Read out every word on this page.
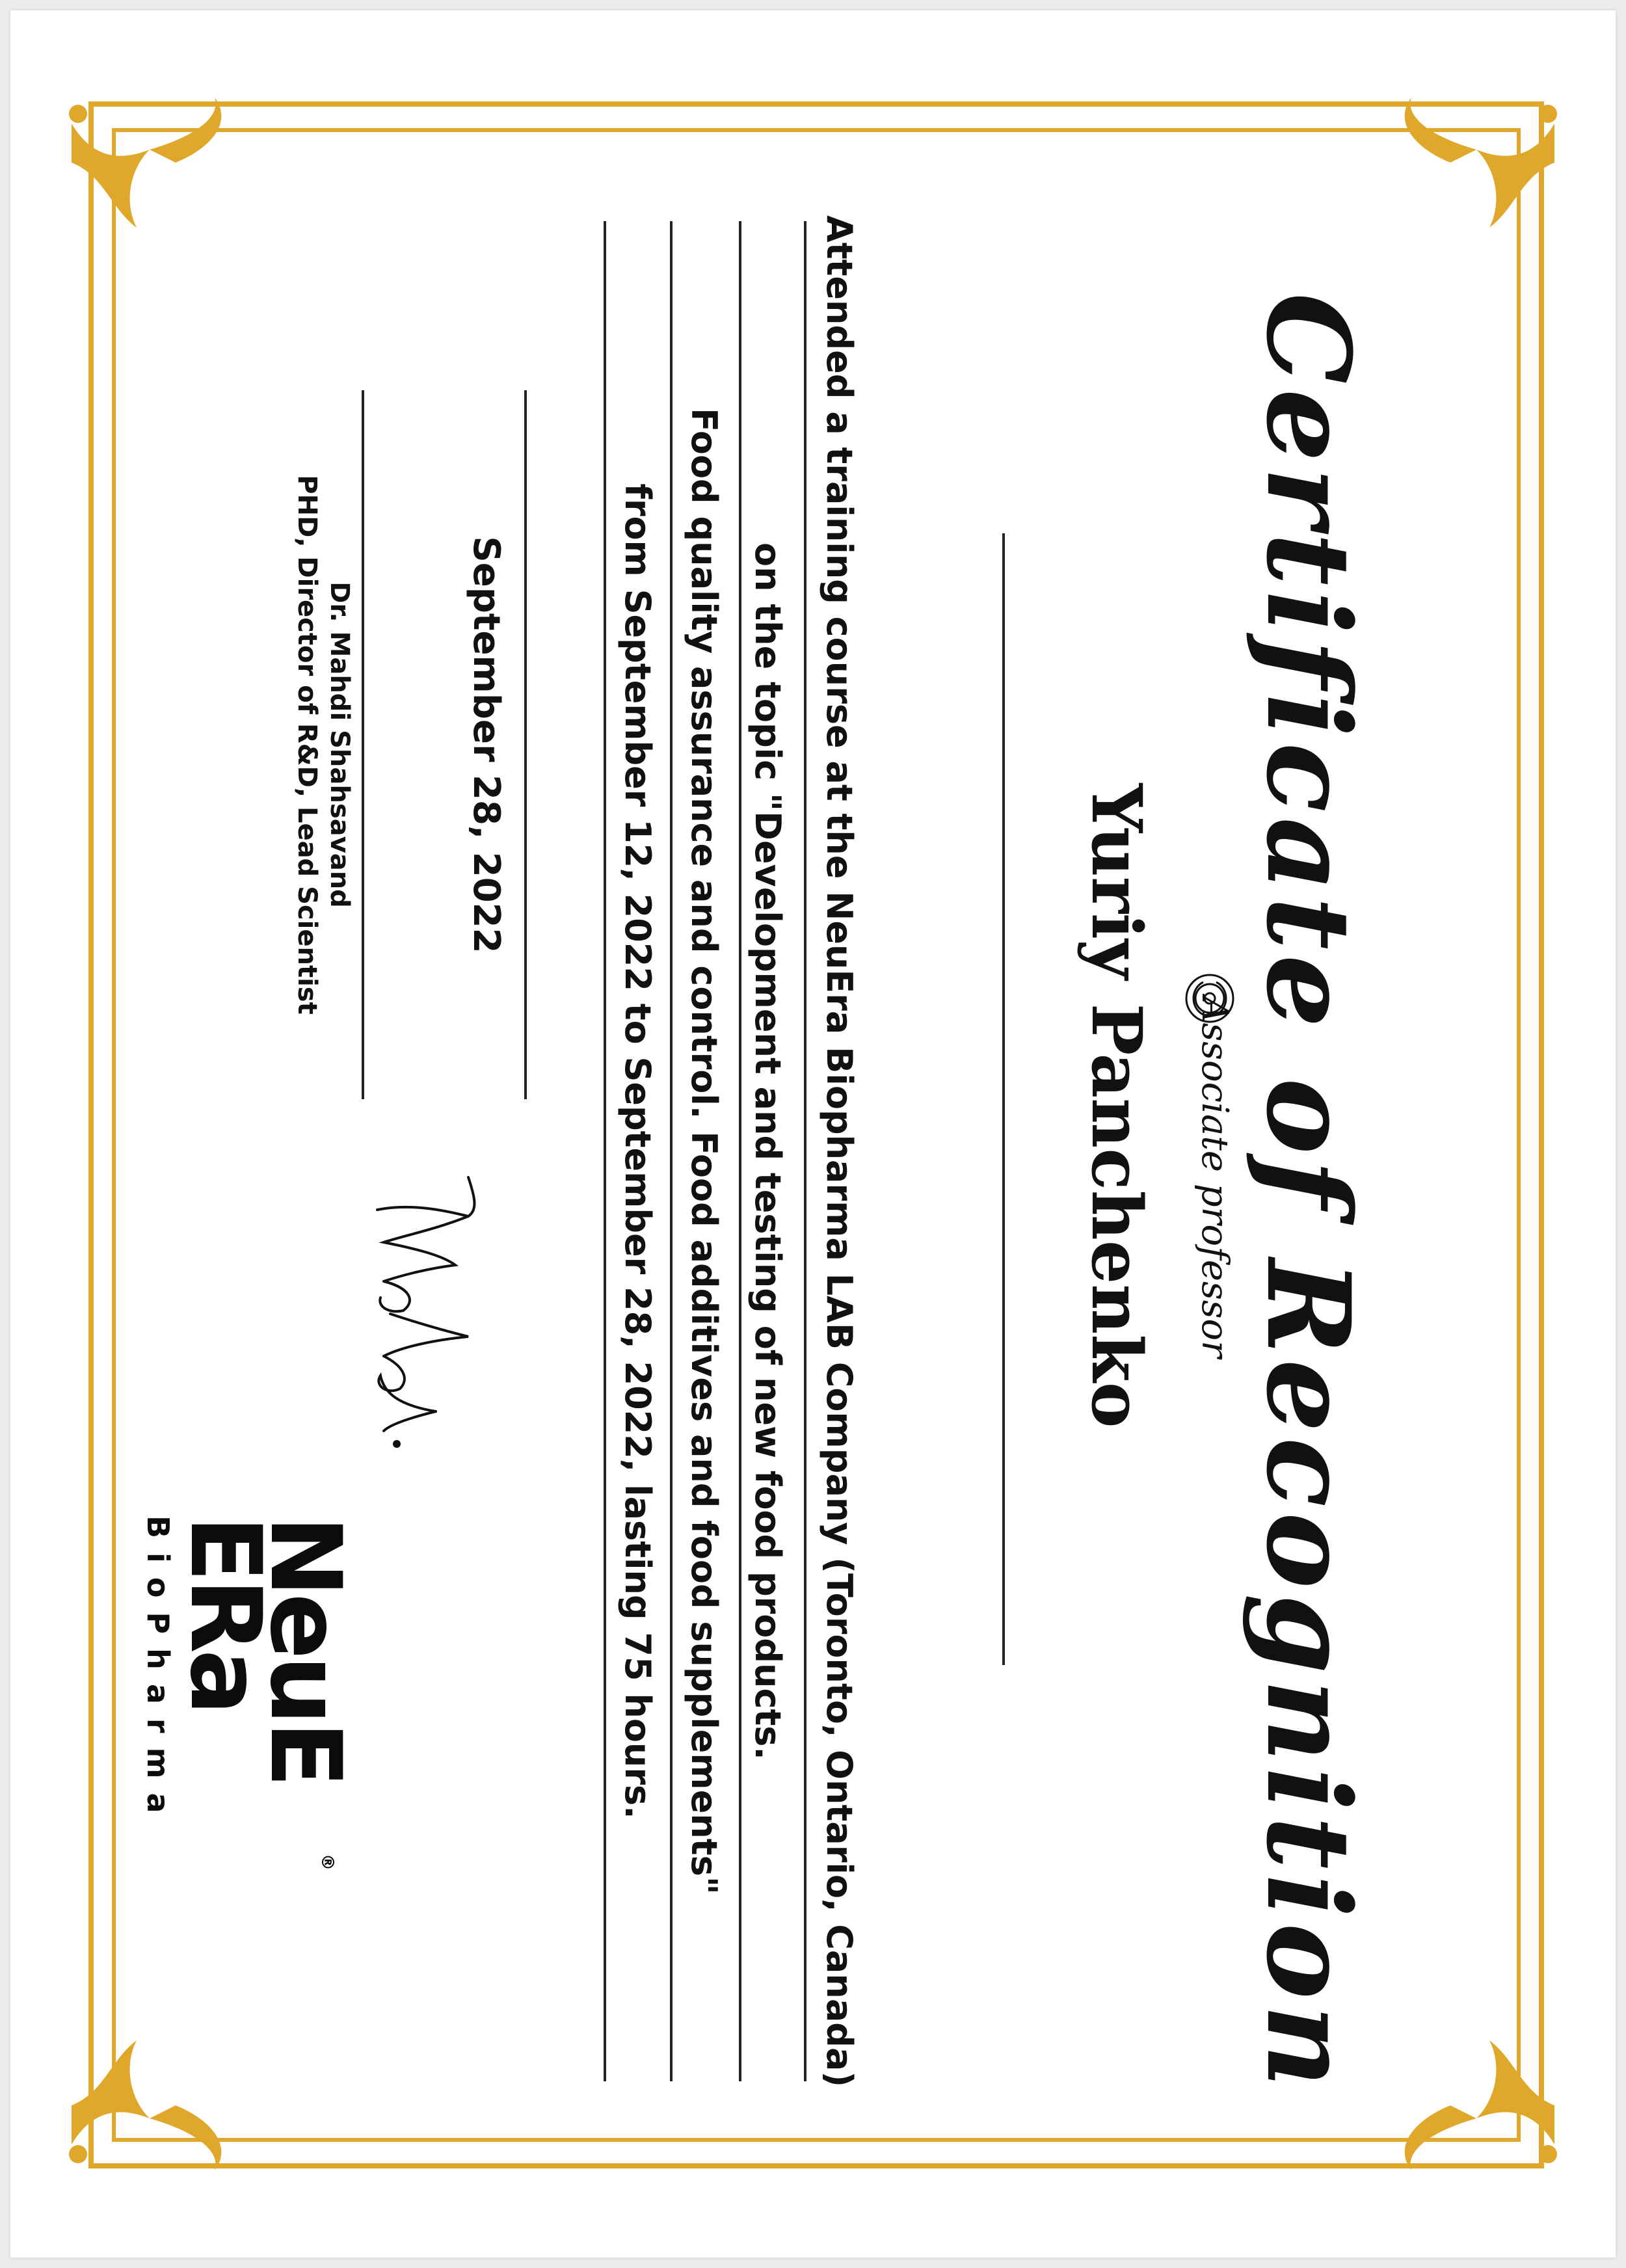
Certificate of Recognition
Associate professor
Yuriy Panchenko
Attended a training course at the NeuEra Biopharma LAB Company (Toronto, Ontario, Canada)
on the topic "Development and testing of new food products.
Food quality assurance and control. Food additives and food supplements"
from September 12, 2022 to September 28, 2022, lasting 75 hours.
September 28, 2022
Dr. Mahdi Shahsavand
PHD, Director of R&D, Lead Scientist
NeuE
ERa
BioPharma
®
